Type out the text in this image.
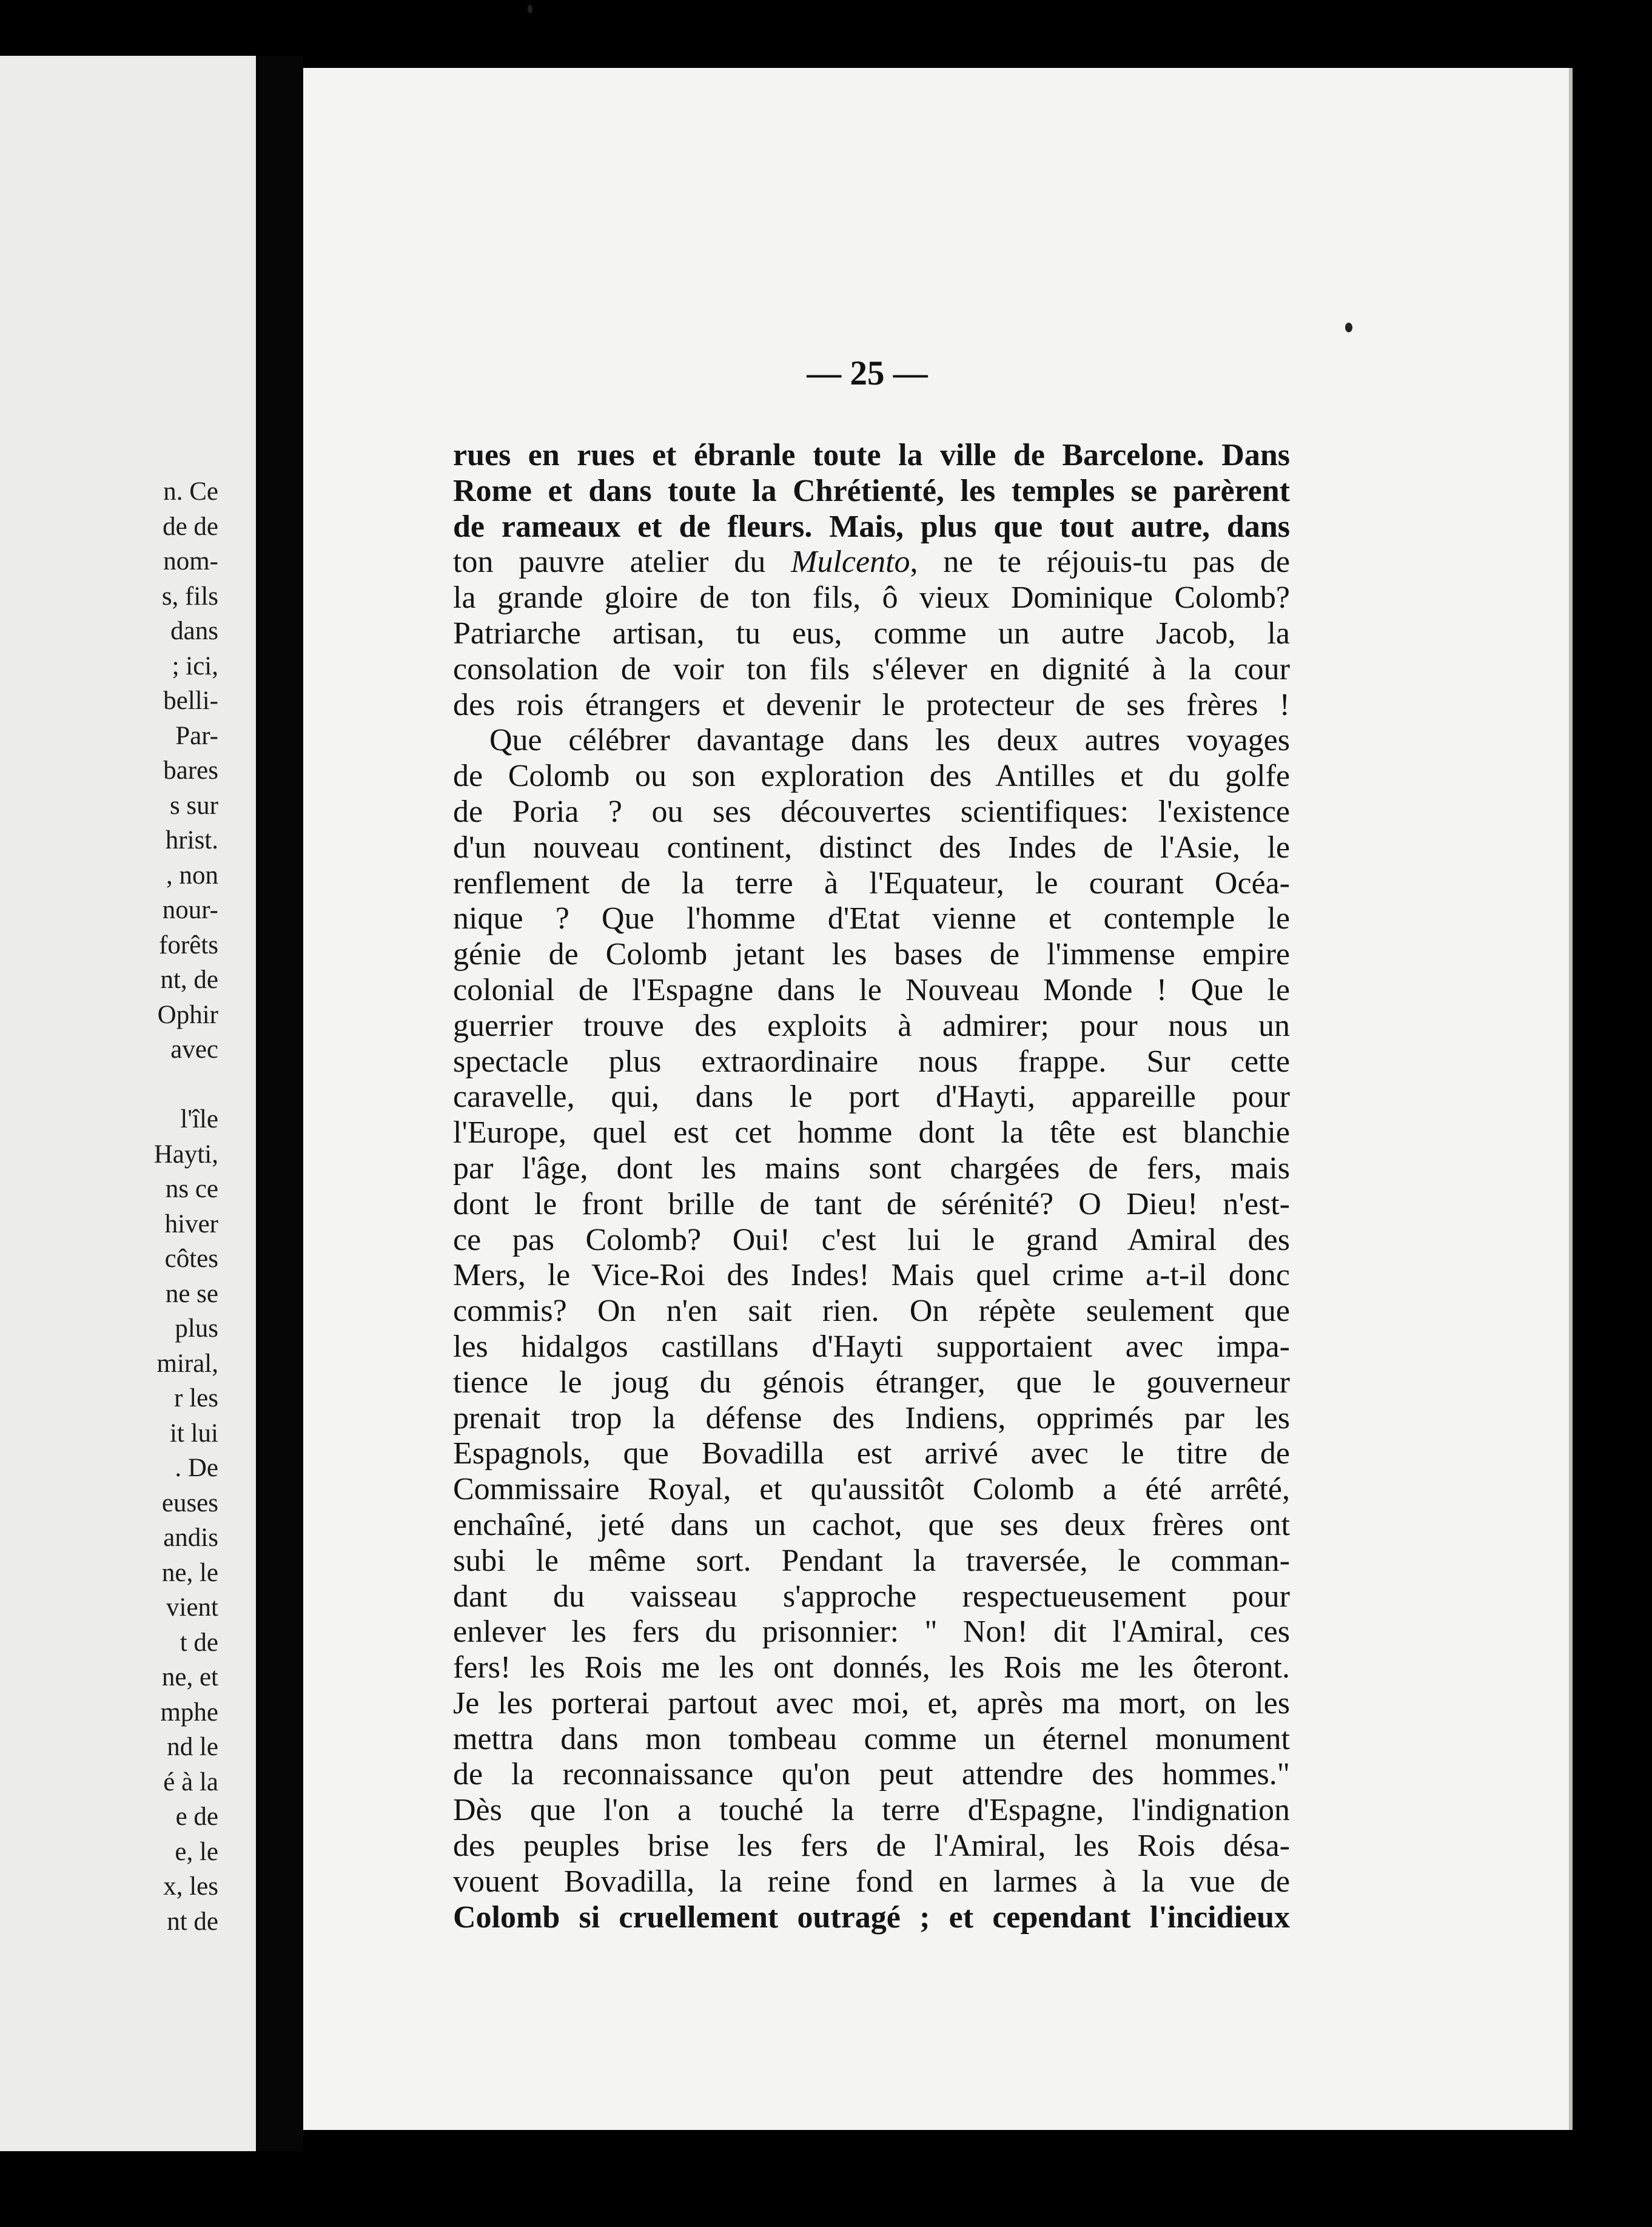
n. Ce
de de
nom-
s, fils
dans
; ici,
belli-
Par-
bares
s sur
hrist.
, non
nour-
forêts
nt, de
Ophir
avec

l'île
Hayti,
ns ce
hiver
côtes
ne se
plus
miral,
r les
it lui
. De
euses
andis
ne, le
vient
t de
ne, et
mphe
nd le
é à la
e de
e, le
x, les
nt de
— 25 —
rues en rues et ébranle toute la ville de Barcelone. Dans
Rome et dans toute la Chrétienté, les temples se parèrent
de rameaux et de fleurs. Mais, plus que tout autre, dans
ton pauvre atelier du Mulcento, ne te réjouis-tu pas de
la grande gloire de ton fils, ô vieux Dominique Colomb?
Patriarche artisan, tu eus, comme un autre Jacob, la
consolation de voir ton fils s'élever en dignité à la cour
des rois étrangers et devenir le protecteur de ses frères !
Que célébrer davantage dans les deux autres voyages
de Colomb ou son exploration des Antilles et du golfe
de Poria ? ou ses découvertes scientifiques: l'existence
d'un nouveau continent, distinct des Indes de l'Asie, le
renflement de la terre à l'Equateur, le courant Océa-
nique ? Que l'homme d'Etat vienne et contemple le
génie de Colomb jetant les bases de l'immense empire
colonial de l'Espagne dans le Nouveau Monde ! Que le
guerrier trouve des exploits à admirer; pour nous un
spectacle plus extraordinaire nous frappe. Sur cette
caravelle, qui, dans le port d'Hayti, appareille pour
l'Europe, quel est cet homme dont la tête est blanchie
par l'âge, dont les mains sont chargées de fers, mais
dont le front brille de tant de sérénité? O Dieu! n'est-
ce pas Colomb? Oui! c'est lui le grand Amiral des
Mers, le Vice-Roi des Indes! Mais quel crime a-t-il donc
commis? On n'en sait rien. On répète seulement que
les hidalgos castillans d'Hayti supportaient avec impa-
tience le joug du génois étranger, que le gouverneur
prenait trop la défense des Indiens, opprimés par les
Espagnols, que Bovadilla est arrivé avec le titre de
Commissaire Royal, et qu'aussitôt Colomb a été arrêté,
enchaîné, jeté dans un cachot, que ses deux frères ont
subi le même sort. Pendant la traversée, le comman-
dant du vaisseau s'approche respectueusement pour
enlever les fers du prisonnier: " Non! dit l'Amiral, ces
fers! les Rois me les ont donnés, les Rois me les ôteront.
Je les porterai partout avec moi, et, après ma mort, on les
mettra dans mon tombeau comme un éternel monument
de la reconnaissance qu'on peut attendre des hommes."
Dès que l'on a touché la terre d'Espagne, l'indignation
des peuples brise les fers de l'Amiral, les Rois désa-
vouent Bovadilla, la reine fond en larmes à la vue de
Colomb si cruellement outragé ; et cependant l'incidieux
